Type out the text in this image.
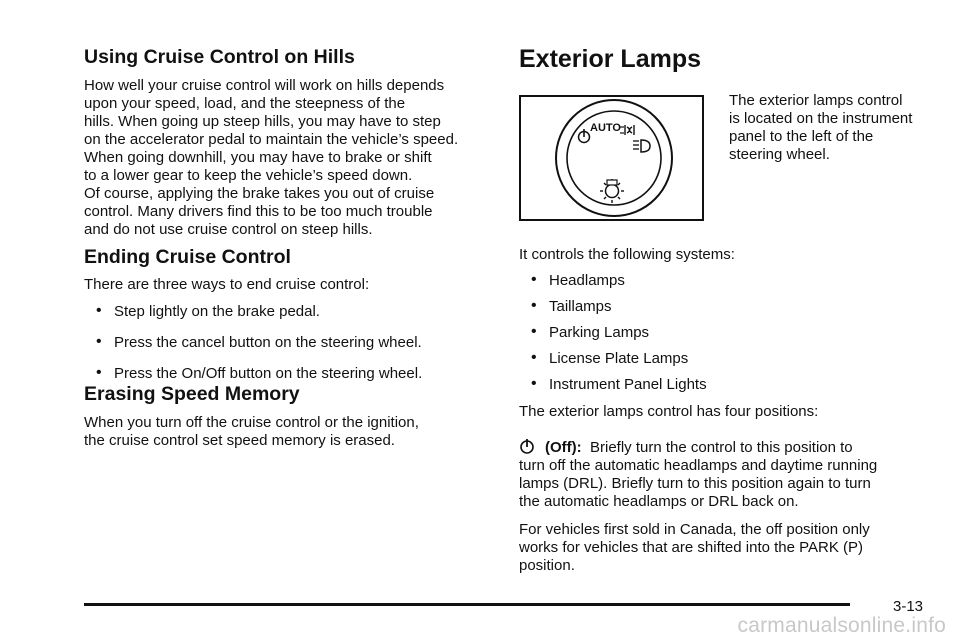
Using Cruise Control on Hills

How well your cruise control will work on hills depends

upon your speed, load, and the steepness of the

hills. When going up steep hills, you may have to step

on the accelerator pedal to maintain the vehicle’s speed.

When going downhill, you may have to brake or shift

to a lower gear to keep the vehicle’s speed down.

Of course, applying the brake takes you out of cruise

control. Many drivers find this to be too much trouble

and do not use cruise control on steep hills.

Ending Cruise Control

There are three ways to end cruise control:

• Step lightly on the brake pedal.
• Press the cancel button on the steering wheel.
• Press the On/Off button on the steering wheel.
Erasing Speed Memory

When you turn off the cruise control or the ignition,

the cruise control set speed memory is erased.

Exterior Lamps
AUTO

The exterior lamps control

is located on the instrument

panel to the left of the

steering wheel.

It controls the following systems:

• Headlamps
• Taillamps
• Parking Lamps
• License Plate Lamps
• Instrument Panel Lights

The exterior lamps control has four positions:

(Off): Briefly turn the control to this position to

turn off the automatic headlamps and daytime running

lamps (DRL). Briefly turn to this position again to turn

the automatic headlamps or DRL back on.

For vehicles first sold in Canada, the off position only

works for vehicles that are shifted into the PARK (P)

position.

3-13
carmanualsonline.info
